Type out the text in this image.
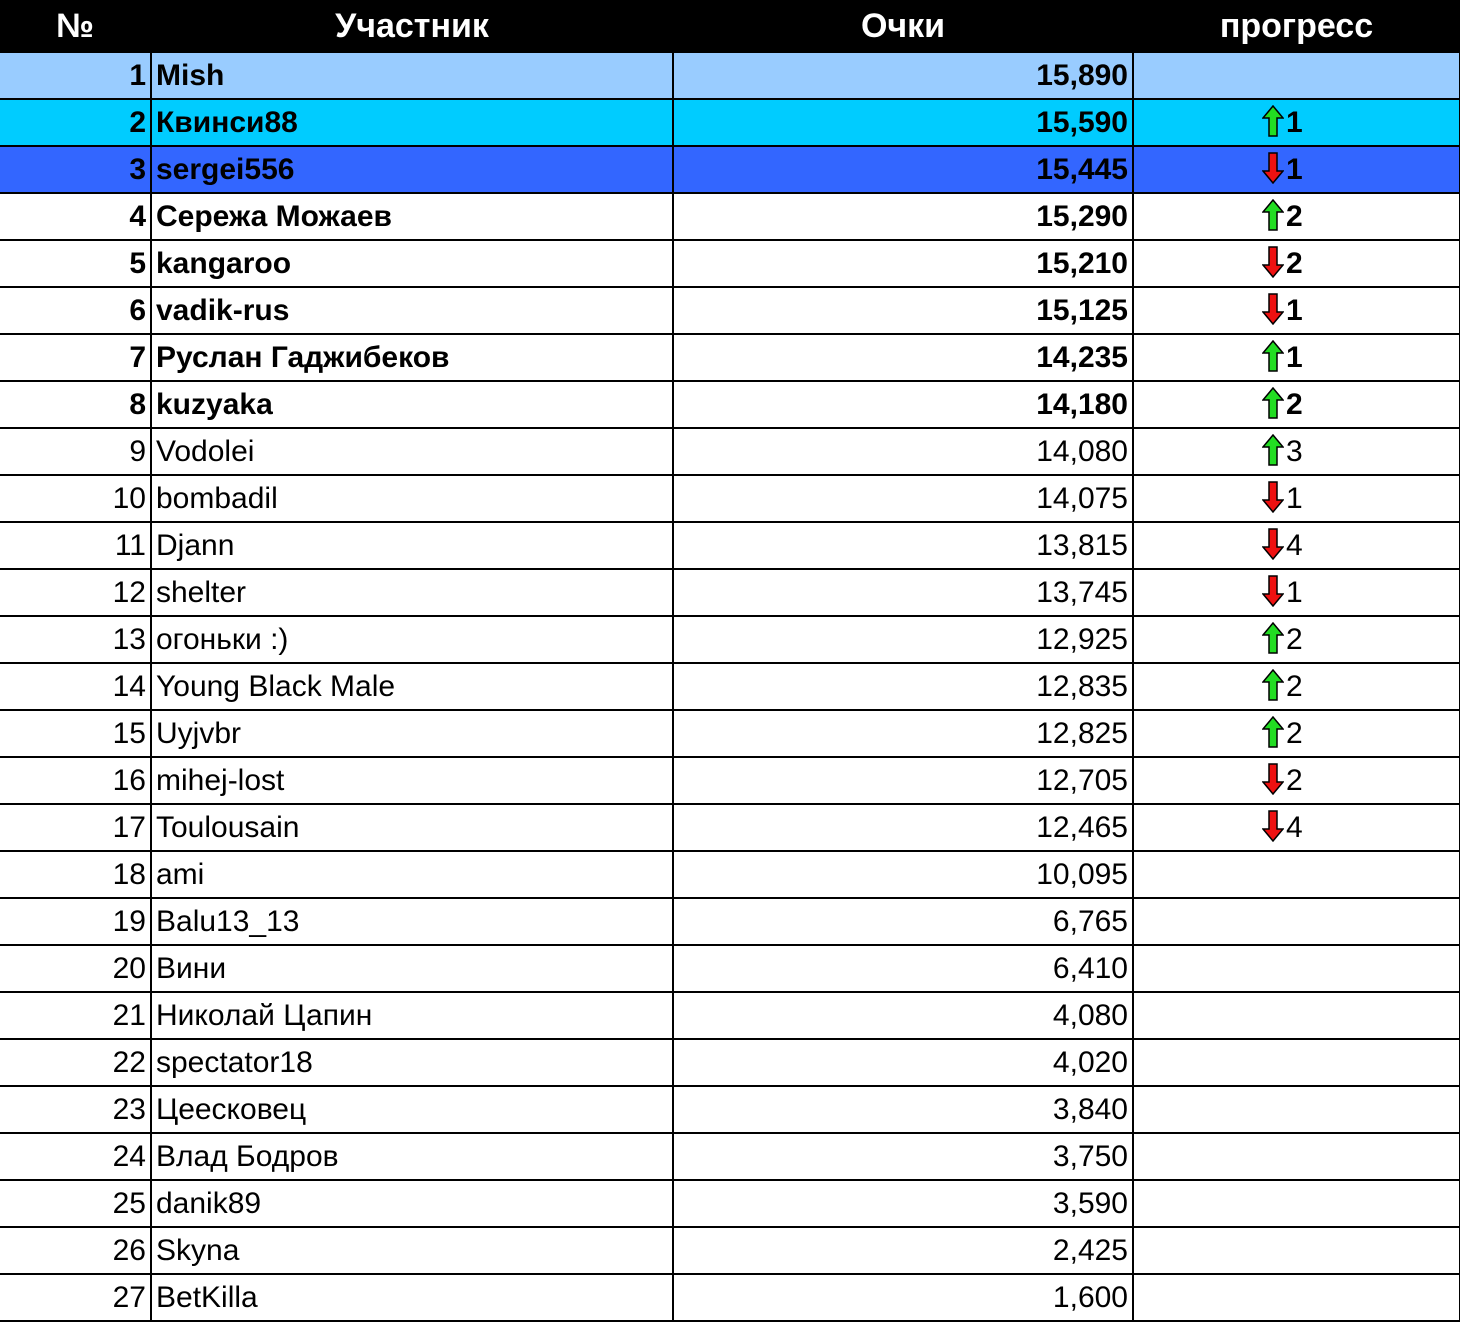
№	Участник	Очки	прогресс
1	Mish	15,890	
2	Квинси88	15,590	1
3	sergei556	15,445	1
4	Сережа Можаев	15,290	2
5	kangaroo	15,210	2
6	vadik-rus	15,125	1
7	Руслан Гаджибеков	14,235	1
8	kuzyaka	14,180	2
9	Vodolei	14,080	3
10	bombadil	14,075	1
11	Djann	13,815	4
12	shelter	13,745	1
13	огоньки :)	12,925	2
14	Young Black Male	12,835	2
15	Uyjvbr	12,825	2
16	mihej-lost	12,705	2
17	Toulousain	12,465	4
18	ami	10,095	
19	Balu13_13	6,765	
20	Вини	6,410	
21	Николай Цапин	4,080	
22	spectator18	4,020	
23	Цеесковец	3,840	
24	Влад Бодров	3,750	
25	danik89	3,590	
26	Skyna	2,425	
27	BetKilla	1,600	
